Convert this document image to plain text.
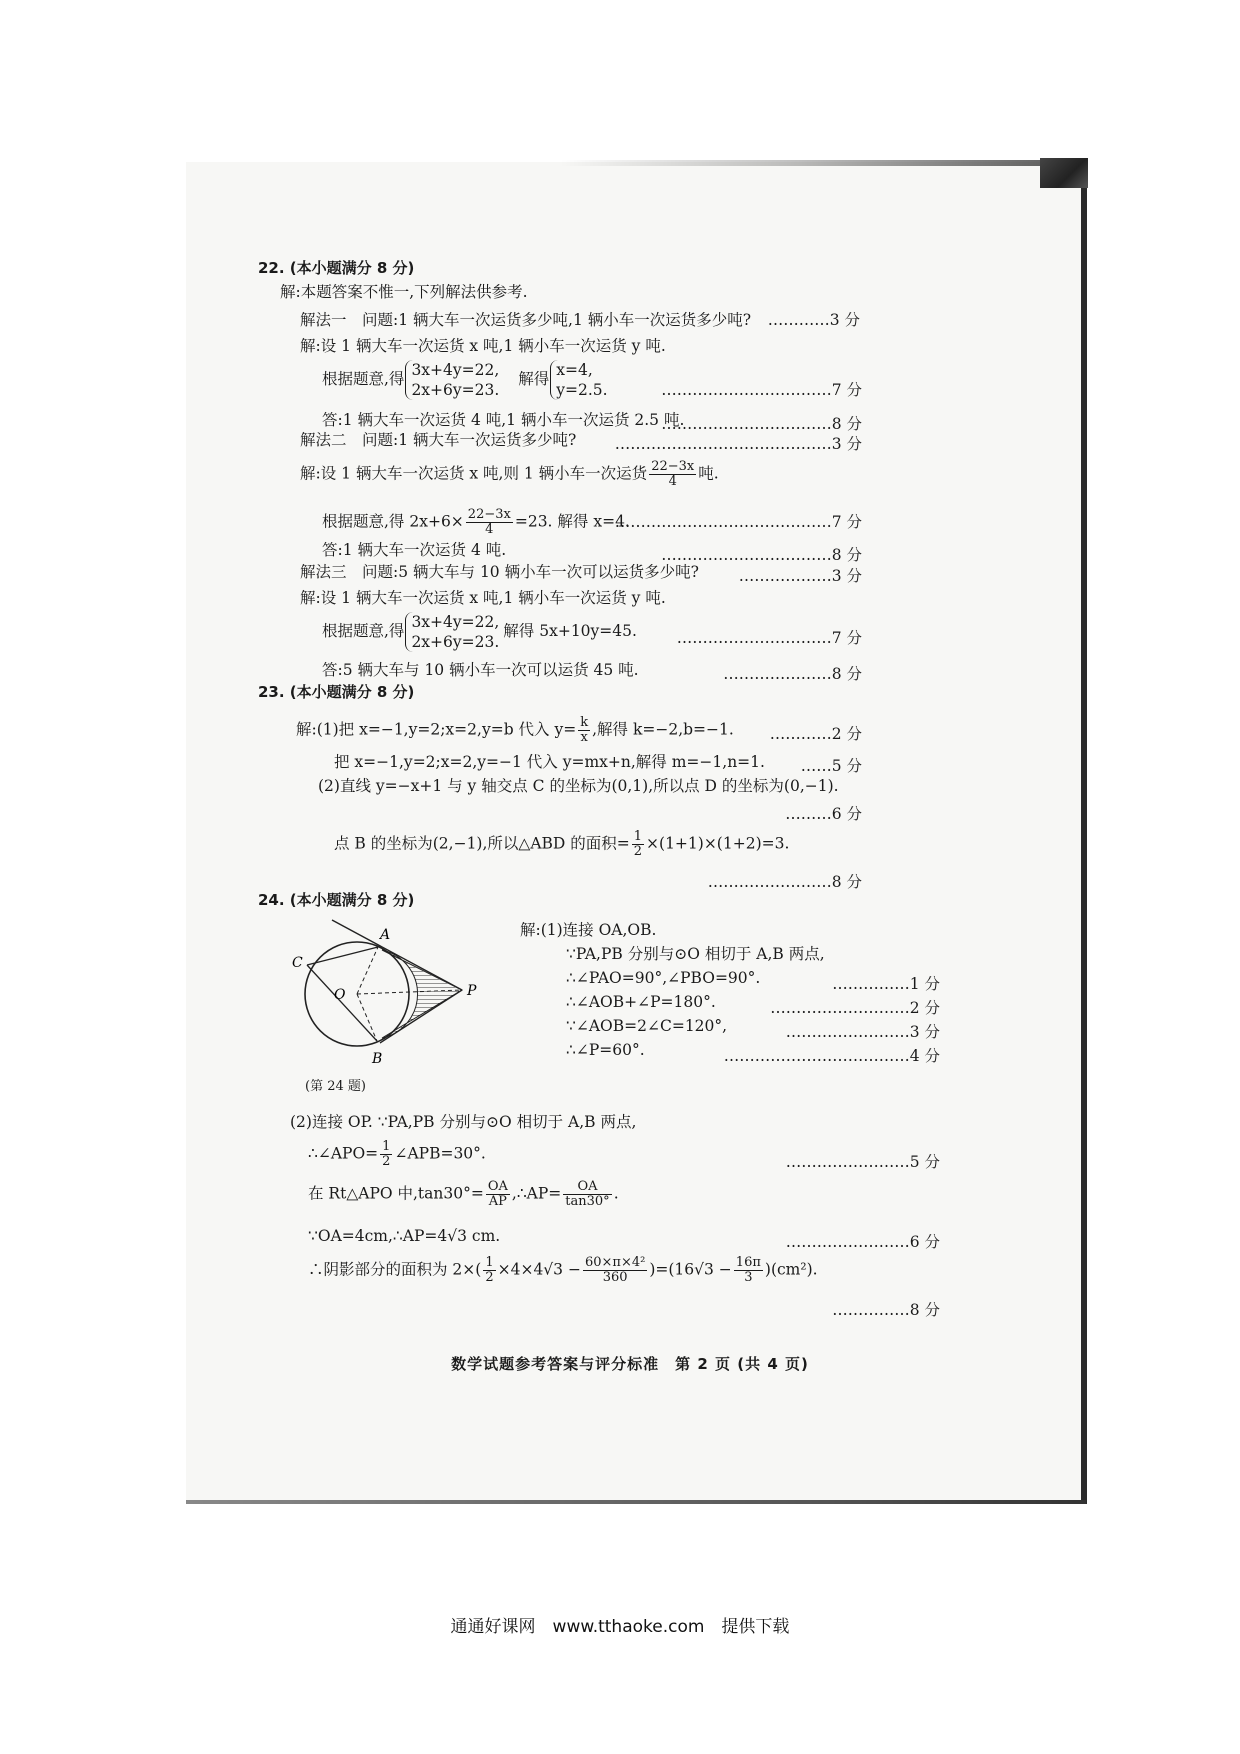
22. (本小题满分 8 分)
解:本题答案不惟一,下列解法供参考.
解法一　问题:1 辆大车一次运货多少吨,1 辆小车一次运货多少吨? …………3 分
解:设 1 辆大车一次运货 x 吨,1 辆小车一次运货 y 吨.
根据题意,得 3x+4y=22,
2x+6y=23.
解得 x=4,
y=2.5.	……………………………7 分
答:1 辆大车一次运货 4 吨,1 辆小车一次运货 2.5 吨.
……………………………8 分
解法二　问题:1 辆大车一次运货多少吨? ……………………………………3 分
解:设 1 辆大车一次运货 x 吨,则 1 辆小车一次运货 $\frac{22-3x}{4}$ 吨.
根据题意,得 $2x+6\times \frac{22-3x}{4} =23$. 解得 x=4.
……………………………………7 分
答:1 辆大车一次运货 4 吨.	……………………………8 分
解法三　问题:5 辆大车与 10 辆小车一次可以运货多少吨?	………………3 分
解:设 1 辆大车一次运货 x 吨,1 辆小车一次运货 y 吨.
根据题意,得 3x+4y=22,
2x+6y=23.
解得 5x+10y=45.	…………………………7 分
答:5 辆大车与 10 辆小车一次可以运货 45 吨.	…………………8 分
23. (本小题满分 8 分)
解:(1)把 x=−1,y=2;x=2,y=b 代入 $y= \frac{k}{x}$ ,解得 k=−2,b=−1. …………2 分
把 x=−1,y=2;x=2,y=−1 代入 y=mx+n,解得 m=−1,n=1. ……5 分
(2)直线 y=−x+1 与 y 轴交点 C 的坐标为(0,1),所以点 D 的坐标为(0,−1).
………6 分
点 B 的坐标为(2,−1),所以△ABD 的面积= $\frac{1}{2} \times(1+1)\times(1+2)=3$.
……………………8 分
24. (本小题满分 8 分)
A
C
O	P
B
(第 24 题)
解:(1)连接 OA,OB.
∵PA,PB 分别与⊙O 相切于 A,B 两点,
∴∠PAO=90°,∠PBO=90°.	……………1 分
∴∠AOB+∠P=180°.	………………………2 分
∵∠AOB=2∠C=120°,	……………………3 分
∴∠P=60°.	………………………………4 分
(2)连接 OP. ∵PA,PB 分别与⊙O 相切于 A,B 两点,
∴∠APO= $\frac{1}{2}$ ∠APB=30°.	……………………5 分
在 Rt△APO 中$,\tan 30^\circ= \frac{OA}{AP}$ ,∴AP= $\frac{OA}{\tan 30^\circ}$ .
∵OA=4cm,∴AP=4√3 cm.	……………………6 分
∴阴影部分的面积为 $2\times( \frac{1}{2} \times 4\times 4√3 - \frac{\text{60×π×4²}}{360} )=(16√3 - \frac{16\pi}{3} )(cm^2)$.
……………8 分
数学试题参考答案与评分标准　第 2 页 (共 4 页)
通通好课网　www.tthaoke.com　提供下载
